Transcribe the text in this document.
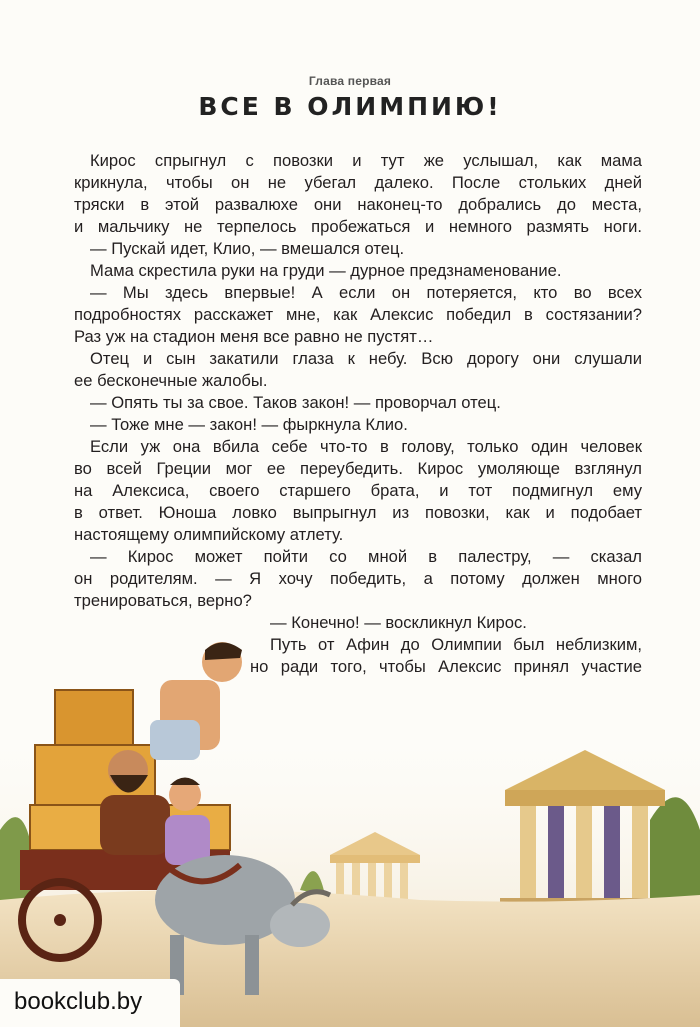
Глава первая
ВСЕ В ОЛИМПИЮ!
Кирос спрыгнул с повозки и тут же услышал, как мама
крикнула, чтобы он не убегал далеко. После стольких дней
тряски в этой развалюхе они наконец-то добрались до места,
и мальчику не терпелось пробежаться и немного размять ноги.
— Пускай идет, Клио, — вмешался отец.
Мама скрестила руки на груди — дурное предзнаменование.
— Мы здесь впервые! А если он потеряется, кто во всех
подробностях расскажет мне, как Алексис победил в состязании?
Раз уж на стадион меня все равно не пустят…
Отец и сын закатили глаза к небу. Всю дорогу они слушали
ее бесконечные жалобы.
— Опять ты за свое. Таков закон! — проворчал отец.
— Тоже мне — закон! — фыркнула Клио.
Если уж она вбила себе что-то в голову, только один человек
во всей Греции мог ее переубедить. Кирос умоляюще взглянул
на Алексиса, своего старшего брата, и тот подмигнул ему
в ответ. Юноша ловко выпрыгнул из повозки, как и подобает
настоящему олимпийскому атлету.
— Кирос может пойти со мной в палестру, — сказал
он родителям. — Я хочу победить, а потому должен много
тренироваться, верно?
— Конечно! — воскликнул Кирос.
Путь от Афин до Олимпии был неблизким,
но ради того, чтобы Алексис принял участие
bookclub.by
